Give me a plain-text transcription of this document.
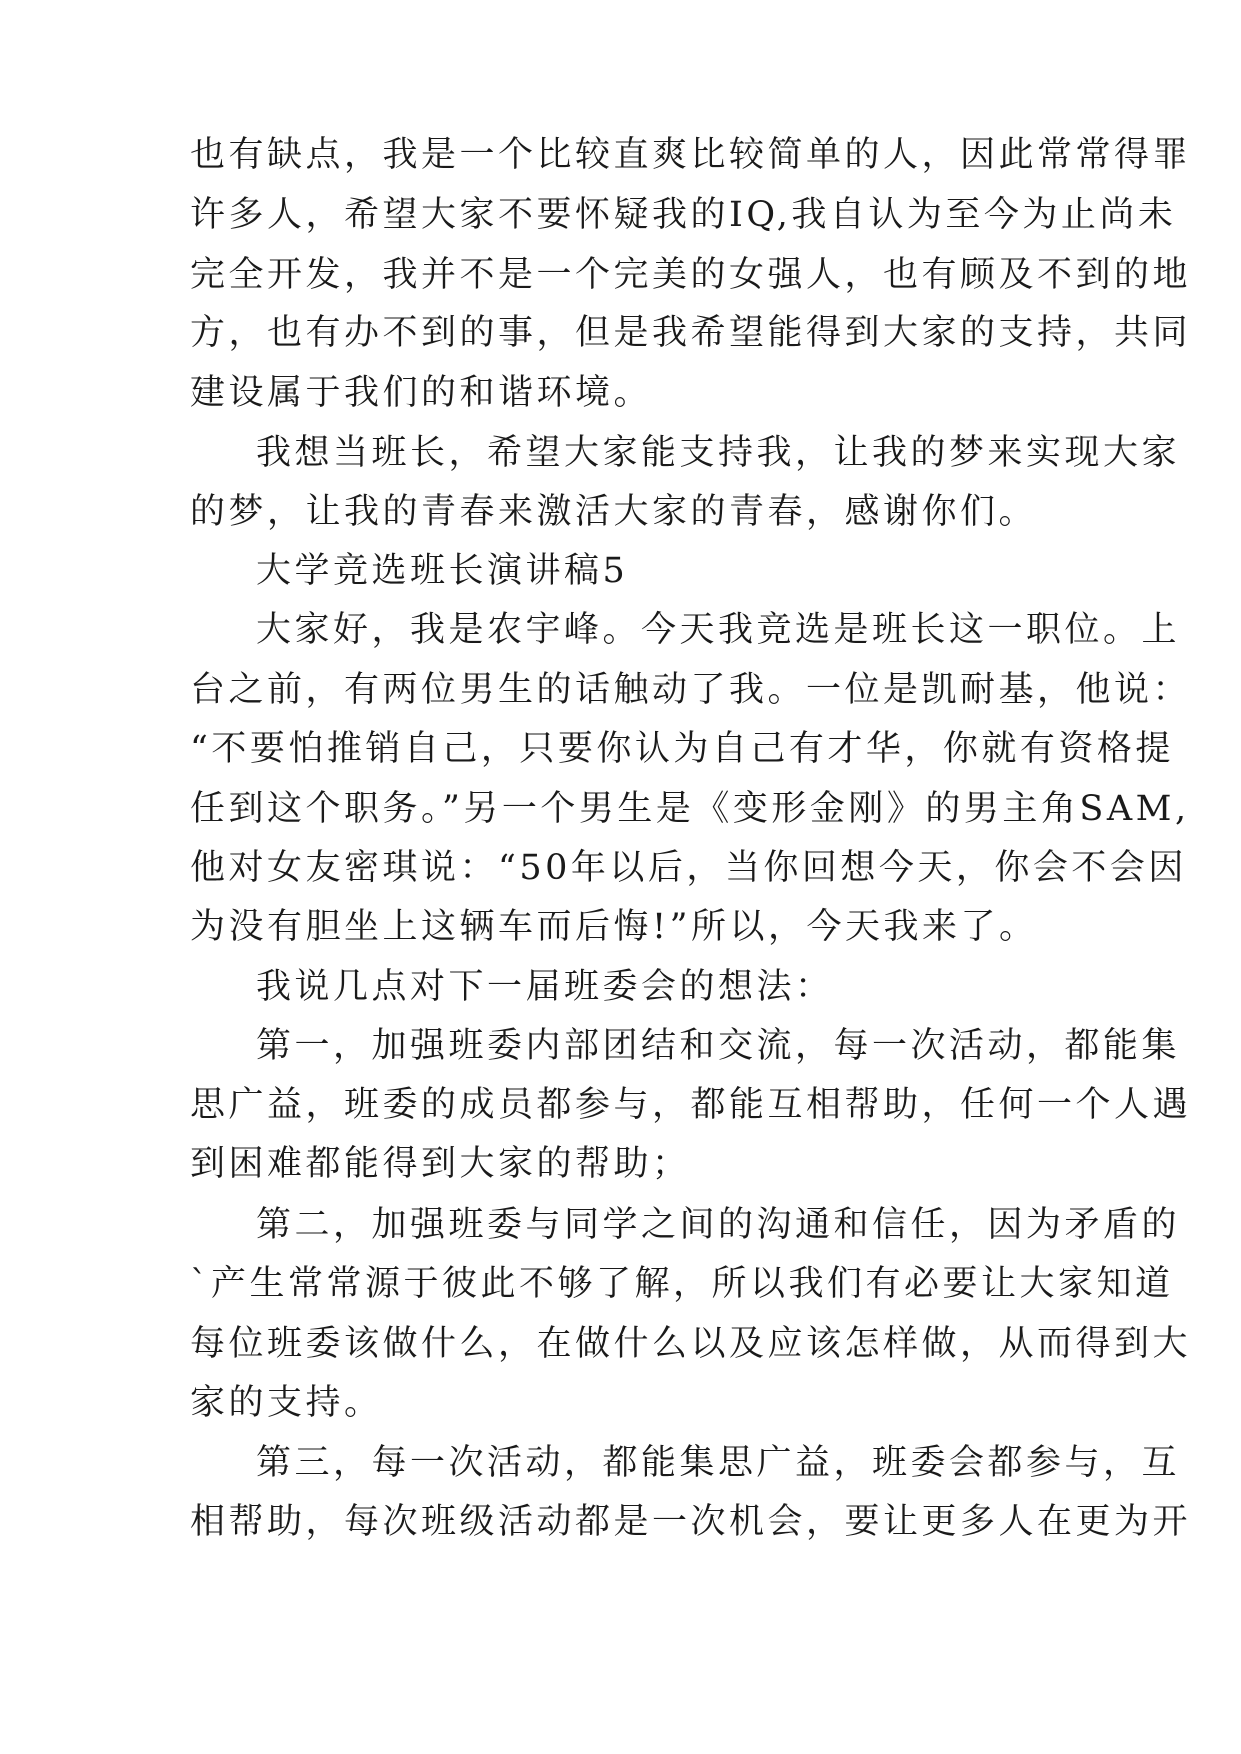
也有缺点，我是一个比较直爽比较简单的人，因此常常得罪
许多人，希望大家不要怀疑我的IQ,我自认为至今为止尚未
完全开发，我并不是一个完美的女强人，也有顾及不到的地
方，也有办不到的事，但是我希望能得到大家的支持，共同
建设属于我们的和谐环境。
我想当班长，希望大家能支持我，让我的梦来实现大家
的梦，让我的青春来激活大家的青春，感谢你们。
大学竞选班长演讲稿5
大家好，我是农宇峰。今天我竞选是班长这一职位。上
台之前，有两位男生的话触动了我。一位是凯耐基，他说：
“不要怕推销自己，只要你认为自己有才华，你就有资格提
任到这个职务。”另一个男生是《变形金刚》的男主角SAM,
他对女友密琪说：“50年以后，当你回想今天，你会不会因
为没有胆坐上这辆车而后悔!”所以，今天我来了。
我说几点对下一届班委会的想法：
第一，加强班委内部团结和交流，每一次活动，都能集
思广益，班委的成员都参与，都能互相帮助，任何一个人遇
到困难都能得到大家的帮助；
第二，加强班委与同学之间的沟通和信任，因为矛盾的
`产生常常源于彼此不够了解，所以我们有必要让大家知道
每位班委该做什么，在做什么以及应该怎样做，从而得到大
家的支持。
第三，每一次活动，都能集思广益，班委会都参与，互
相帮助，每次班级活动都是一次机会，要让更多人在更为开
